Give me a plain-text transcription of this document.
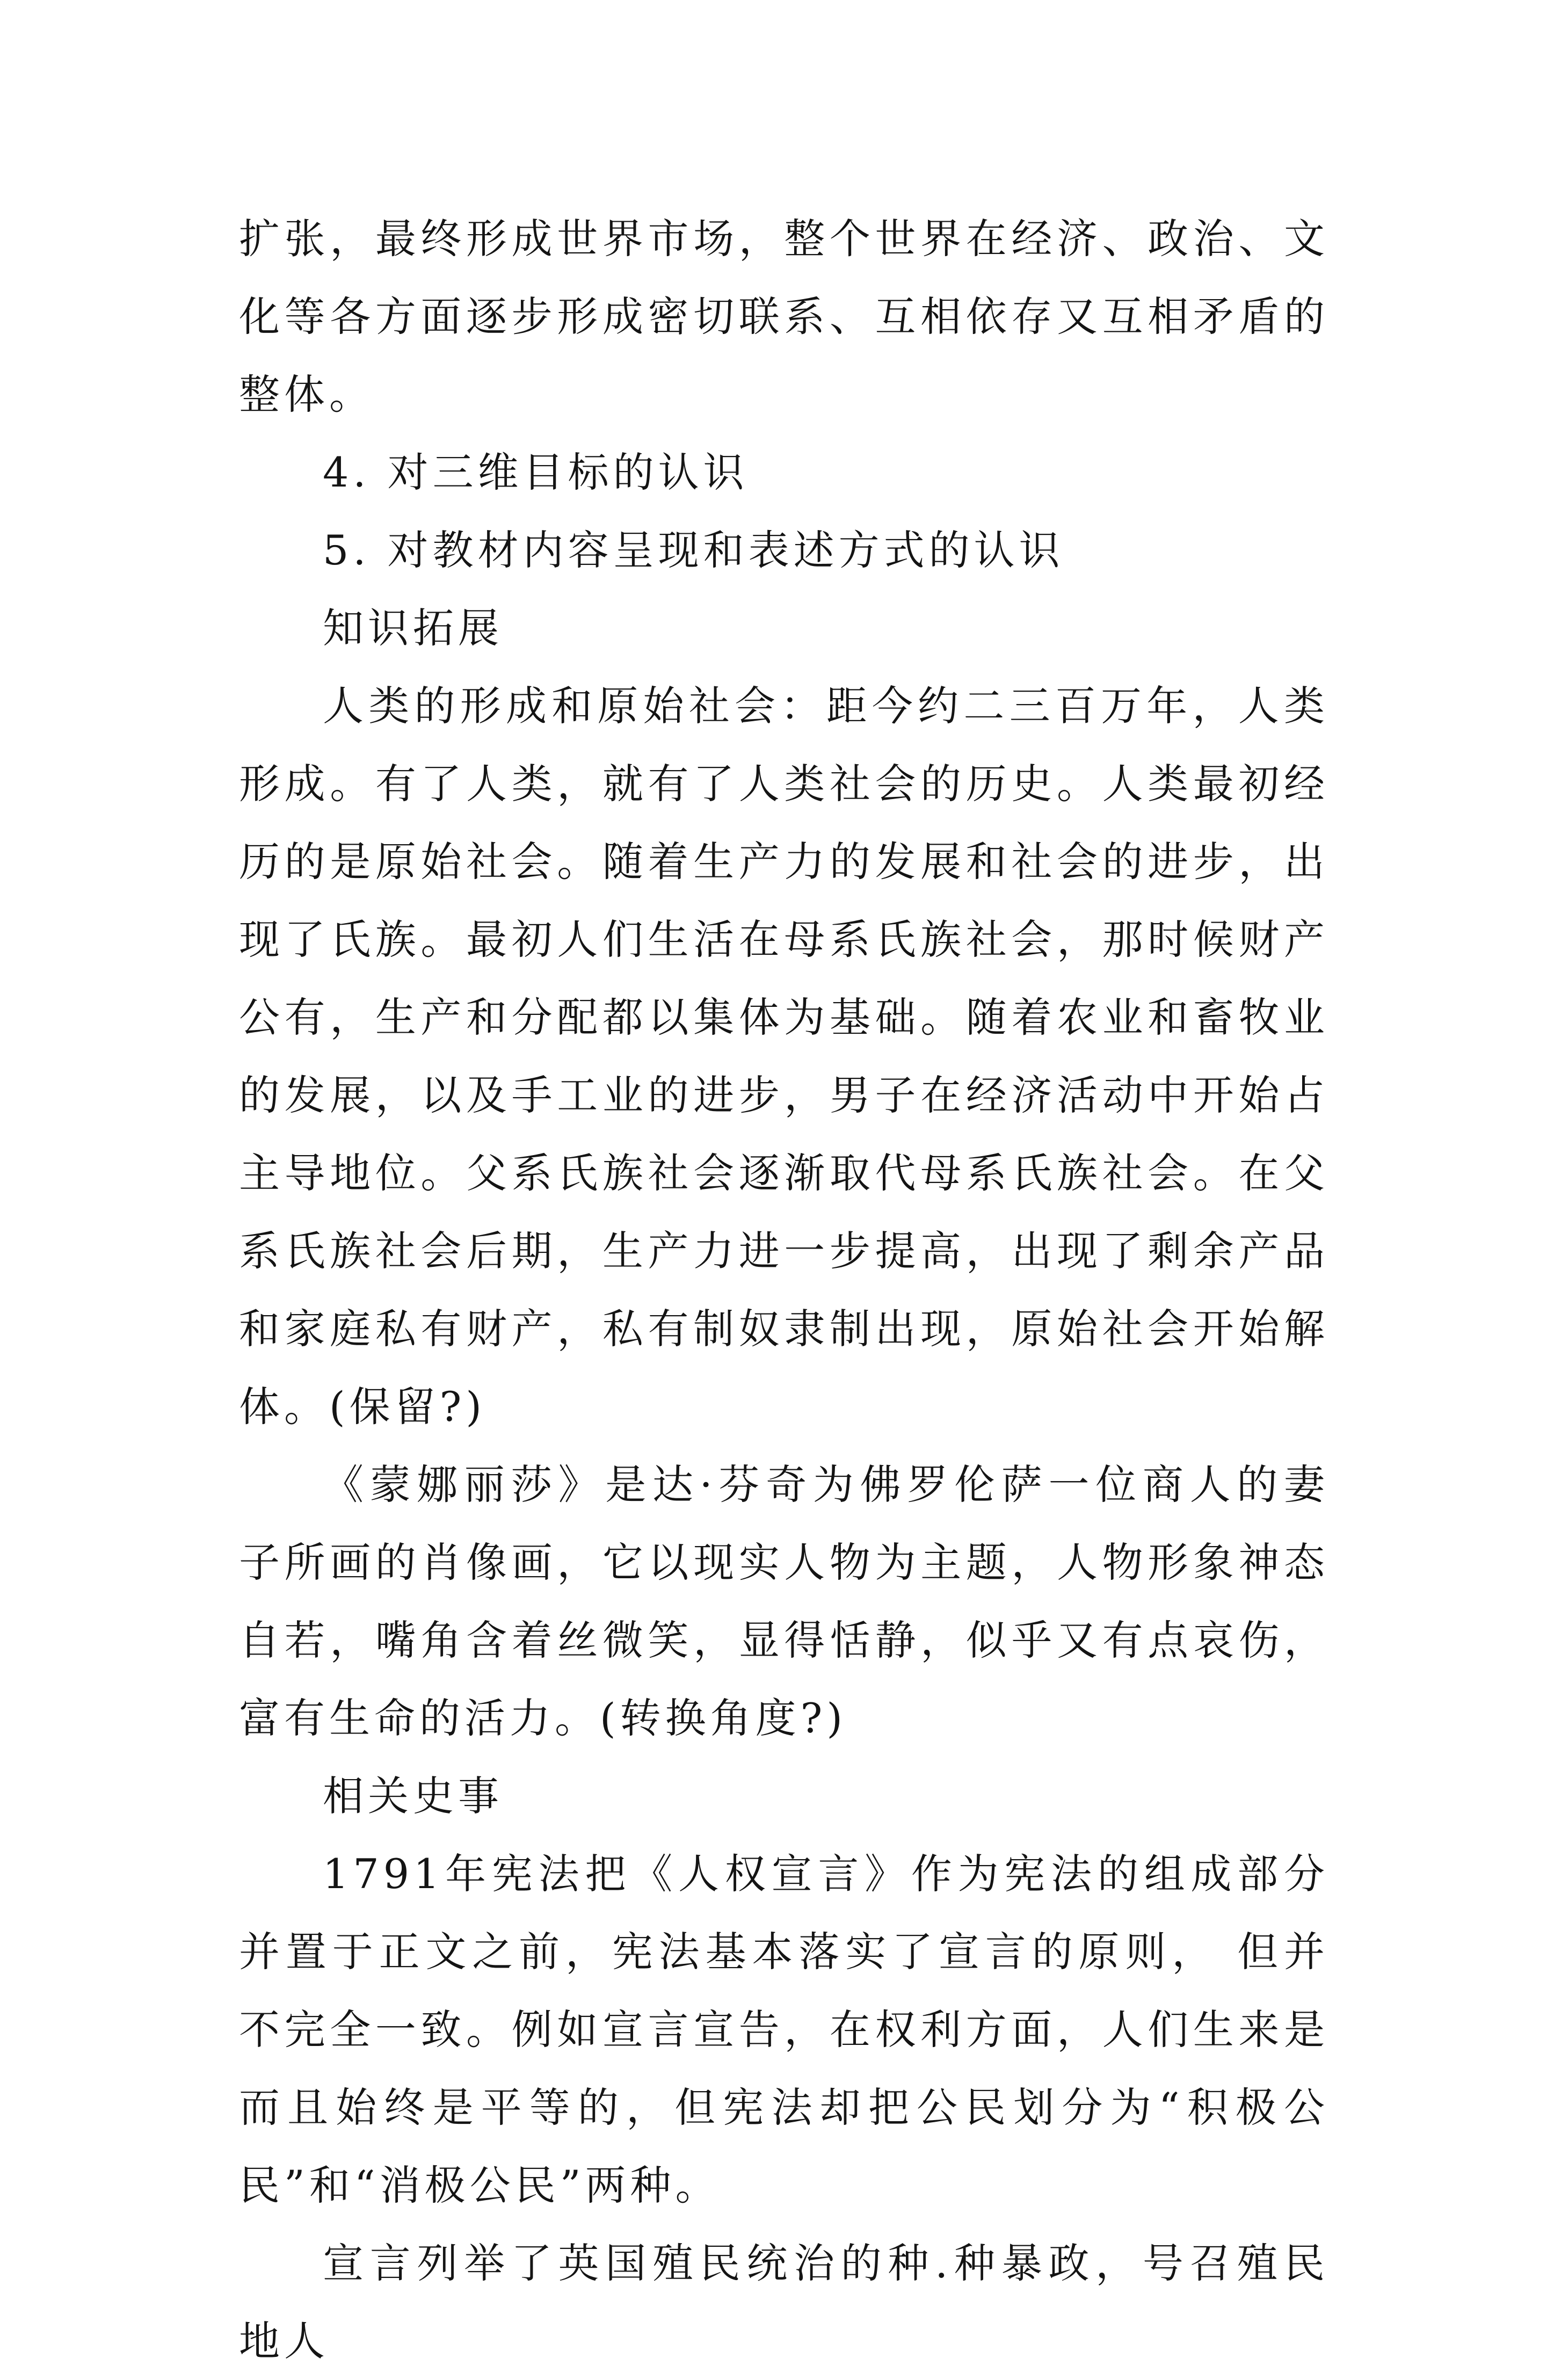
扩张，最终形成世界市场，整个世界在经济、政治、文化等各方面逐步形成密切联系、互相依存又互相矛盾的整体。

4. 对三维目标的认识

5. 对教材内容呈现和表述方式的认识

知识拓展

人类的形成和原始社会：距今约二三百万年，人类形成。有了人类，就有了人类社会的历史。人类最初经历的是原始社会。随着生产力的发展和社会的进步，出现了氏族。最初人们生活在母系氏族社会，那时候财产公有，生产和分配都以集体为基础。随着农业和畜牧业的发展，以及手工业的进步，男子在经济活动中开始占主导地位。父系氏族社会逐渐取代母系氏族社会。在父系氏族社会后期，生产力进一步提高，出现了剩余产品和家庭私有财产，私有制奴隶制出现，原始社会开始解体。(保留?)

《蒙娜丽莎》是达·芬奇为佛罗伦萨一位商人的妻子所画的肖像画，它以现实人物为主题，人物形象神态自若，嘴角含着丝微笑，显得恬静，似乎又有点哀伤，富有生命的活力。(转换角度?)

相关史事

1791年宪法把《人权宣言》作为宪法的组成部分并置于正文之前，宪法基本落实了宣言的原则， 但并不完全一致。例如宣言宣告，在权利方面，人们生来是而且始终是平等的，但宪法却把公民划分为“积极公民”和“消极公民”两种。

宣言列举了英国殖民统治的种.种暴政，号召殖民地人
